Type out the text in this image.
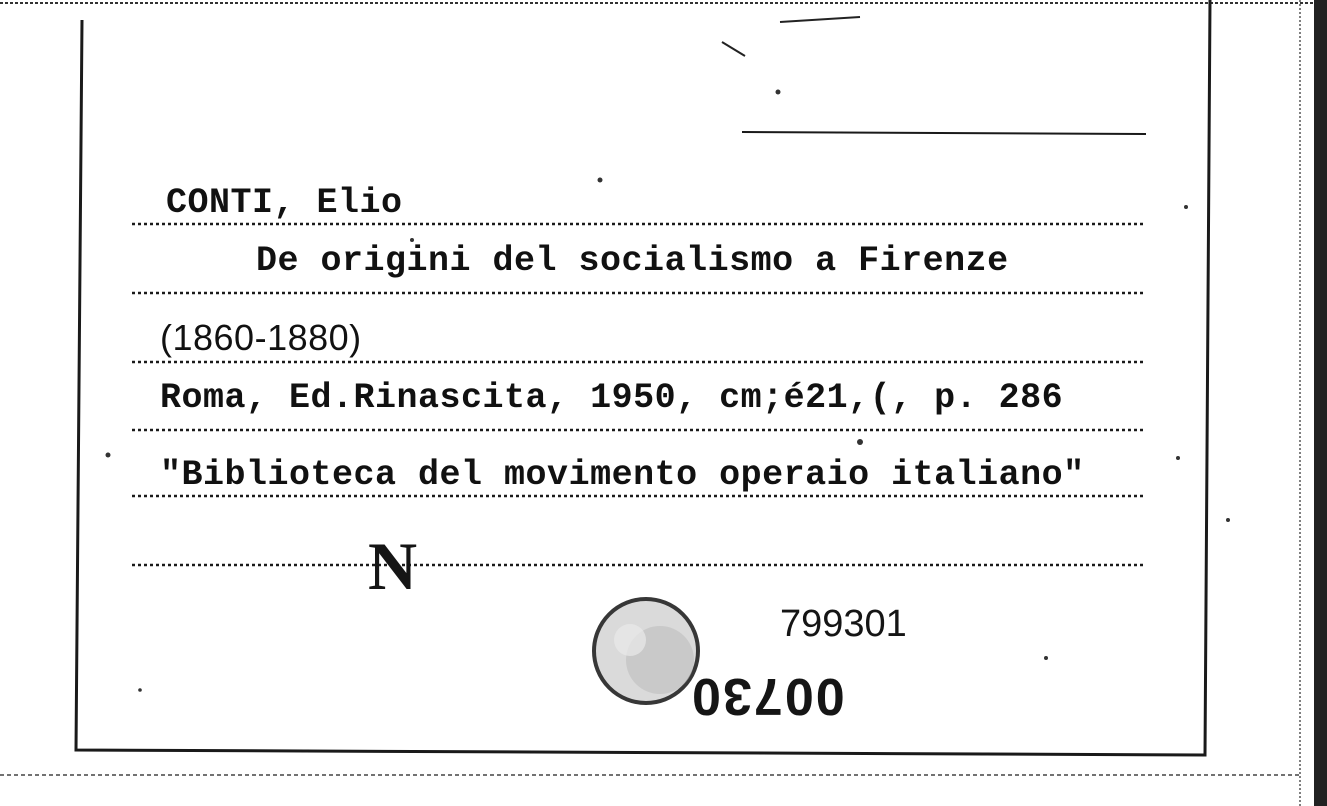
CONTI, Elio
De origini del socialismo a Firenze
(1860-1880)
Roma, Ed.Rinascita, 1950, cm;é21,(, p. 286
"Biblioteca del movimento operaio italiano"
N
799301
00730
